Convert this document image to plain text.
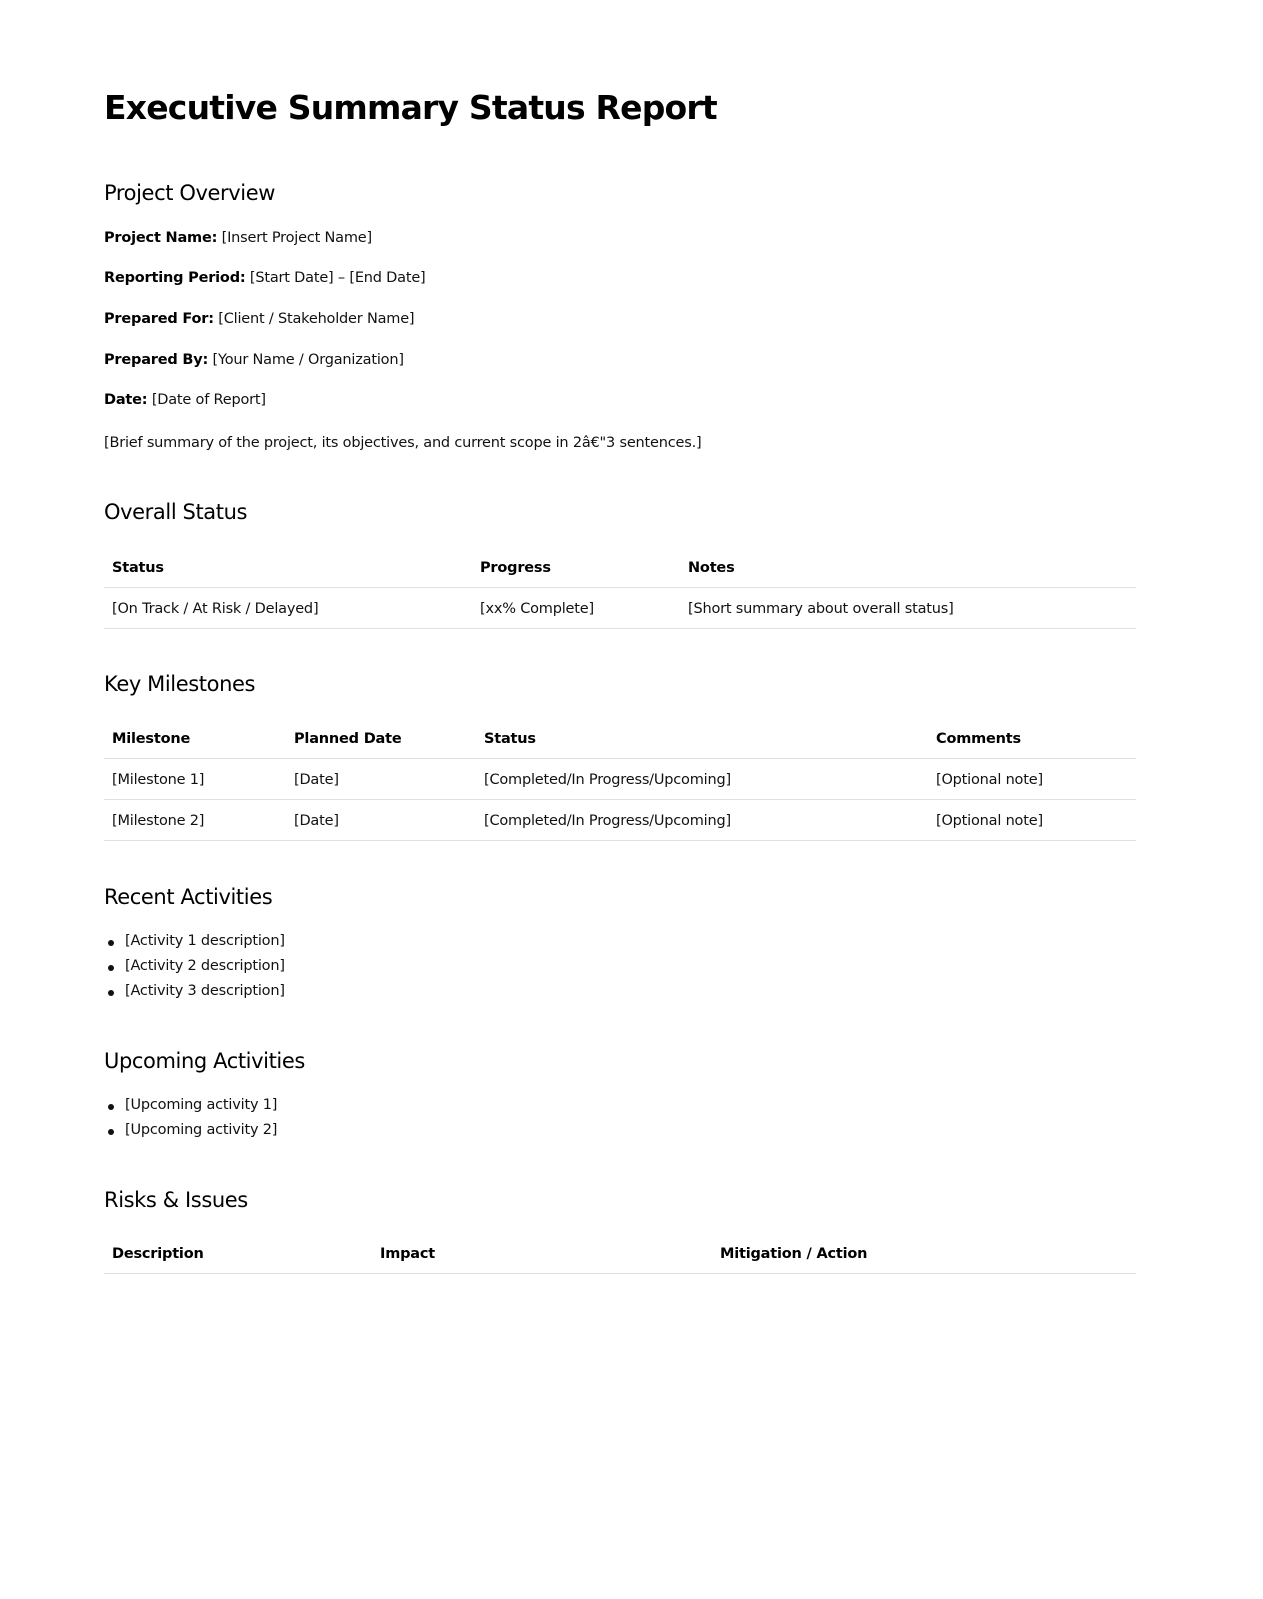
Executive Summary Status Report
Project Overview

Project Name: [Insert Project Name]

Reporting Period: [Start Date] – [End Date]

Prepared For: [Client / Stakeholder Name]

Prepared By: [Your Name / Organization]

Date: [Date of Report]

[Brief summary of the project, its objectives, and current scope in 2â€"3 sentences.]

Overall Status
Status	Progress	Notes
[On Track / At Risk / Delayed]	[xx% Complete]	[Short summary about overall status]
Key Milestones
Milestone	Planned Date	Status	Comments
[Milestone 1]	[Date]	[Completed/In Progress/Upcoming]	[Optional note]
[Milestone 2]	[Date]	[Completed/In Progress/Upcoming]	[Optional note]
Recent Activities
[Activity 1 description]
[Activity 2 description]
[Activity 3 description]
Upcoming Activities
[Upcoming activity 1]
[Upcoming activity 2]
Risks & Issues
Description	Impact	Mitigation / Action
